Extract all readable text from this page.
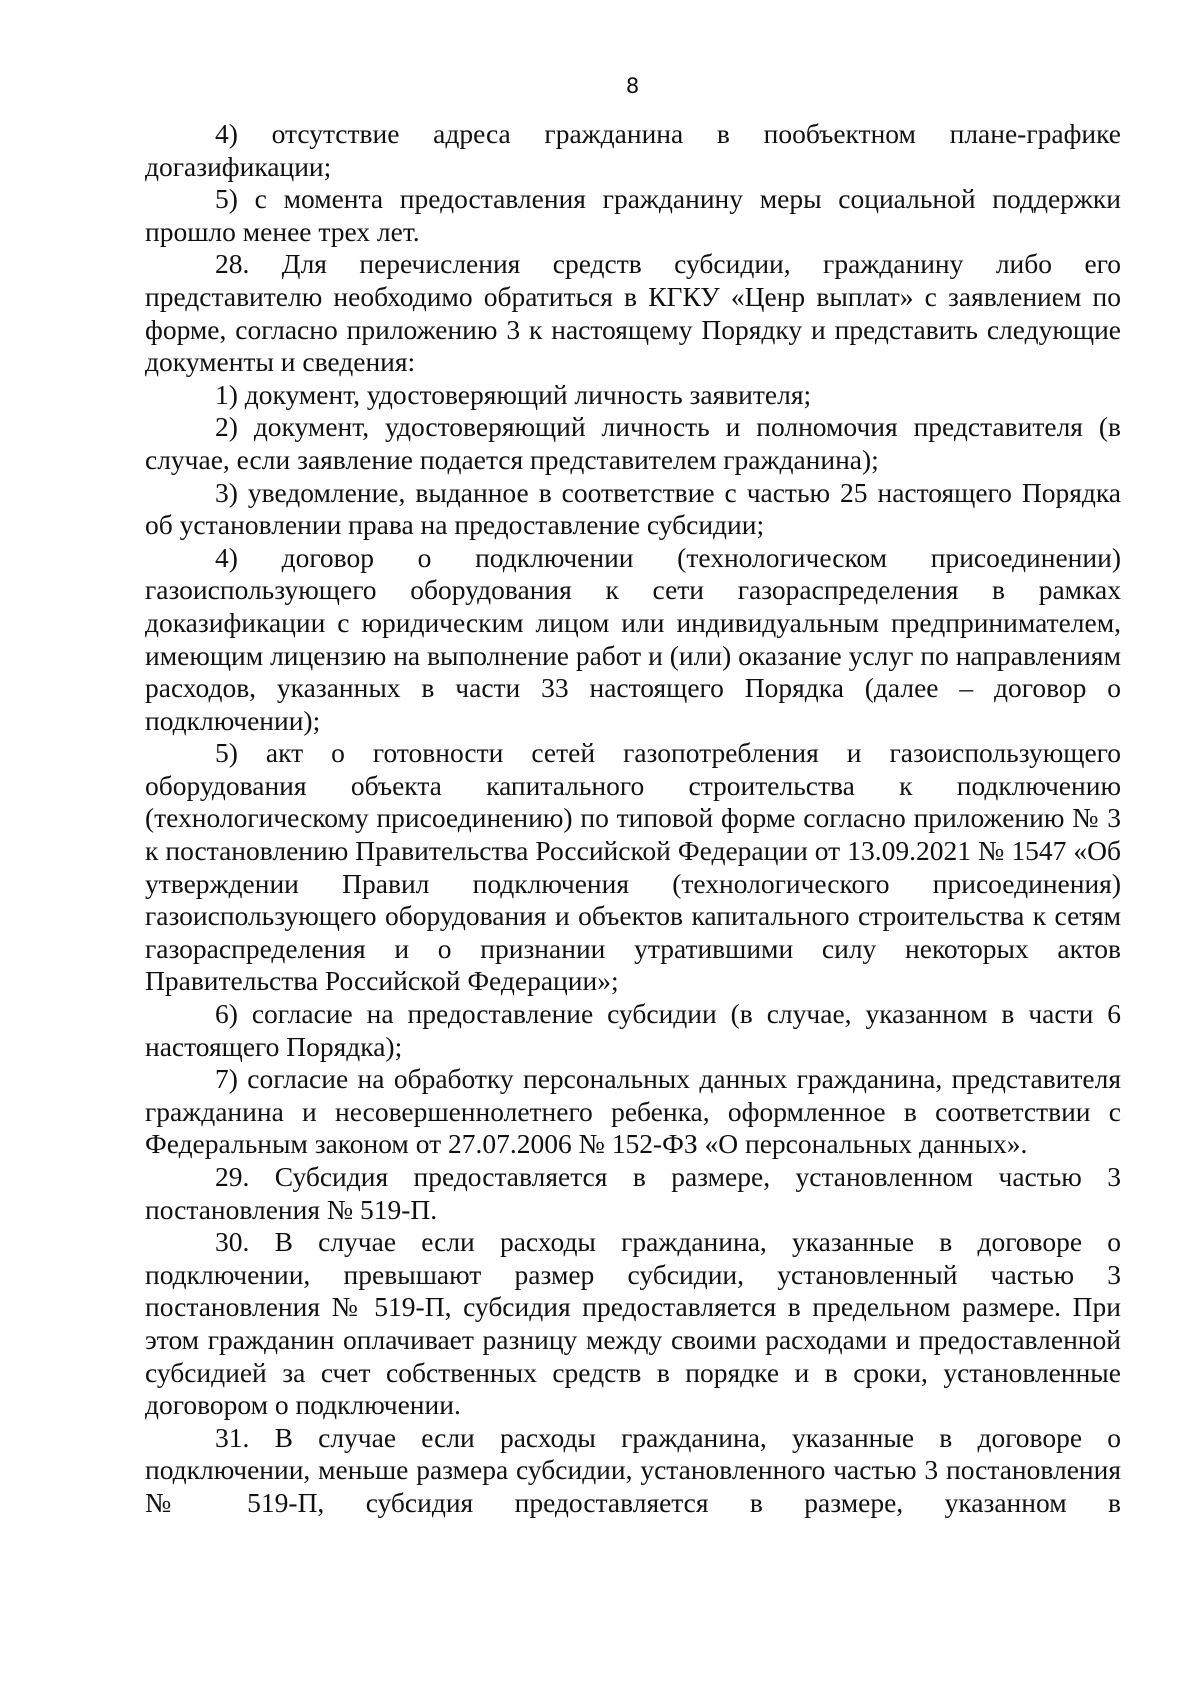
8

4) отсутствие адреса гражданина в пообъектном плане-графике догазификации;

5) с момента предоставления гражданину меры социальной поддержки прошло менее трех лет.

28. Для перечисления средств субсидии, гражданину либо его представителю необходимо обратиться в КГКУ «Ценр выплат» с заявлением по форме, согласно приложению 3 к настоящему Порядку и представить следующие документы и сведения:

1) документ, удостоверяющий личность заявителя;

2) документ, удостоверяющий личность и полномочия представителя (в случае, если заявление подается представителем гражданина);

3) уведомление, выданное в соответствие с частью 25 настоящего Порядка об установлении права на предоставление субсидии;

4) договор о подключении (технологическом присоединении) газоиспользующего оборудования к сети газораспределения в рамках доказификации с юридическим лицом или индивидуальным предпринимателем, имеющим лицензию на выполнение работ и (или) оказание услуг по направлениям расходов, указанных в части 33 настоящего Порядка (далее – договор о подключении);

5) акт о готовности сетей газопотребления и газоиспользующего оборудования объекта капитального строительства к подключению (технологическому присоединению) по типовой форме согласно приложению № 3 к постановлению Правительства Российской Федерации от 13.09.2021 № 1547 «Об утверждении Правил подключения (технологического присоединения) газоиспользующего оборудования и объектов капитального строительства к сетям газораспределения и о признании утратившими силу некоторых актов Правительства Российской Федерации»;

6) согласие на предоставление субсидии (в случае, указанном в части 6 настоящего Порядка);

7) согласие на обработку персональных данных гражданина, представителя гражданина и несовершеннолетнего ребенка, оформленное в соответствии с Федеральным законом от 27.07.2006 № 152-ФЗ «О персональных данных».

29. Субсидия предоставляется в размере, установленном частью 3 постановления № 519-П.

30. В случае если расходы гражданина, указанные в договоре о подключении, превышают размер субсидии, установленный частью 3 постановления № 519-П, субсидия предоставляется в предельном размере. При этом гражданин оплачивает разницу между своими расходами и предоставленной субсидией за счет собственных средств в порядке и в сроки, установленные договором о подключении.

31. В случае если расходы гражданина, указанные в договоре о подключении, меньше размера субсидии, установленного частью 3 постановления № 519-П, субсидия предоставляется в размере, указанном в
